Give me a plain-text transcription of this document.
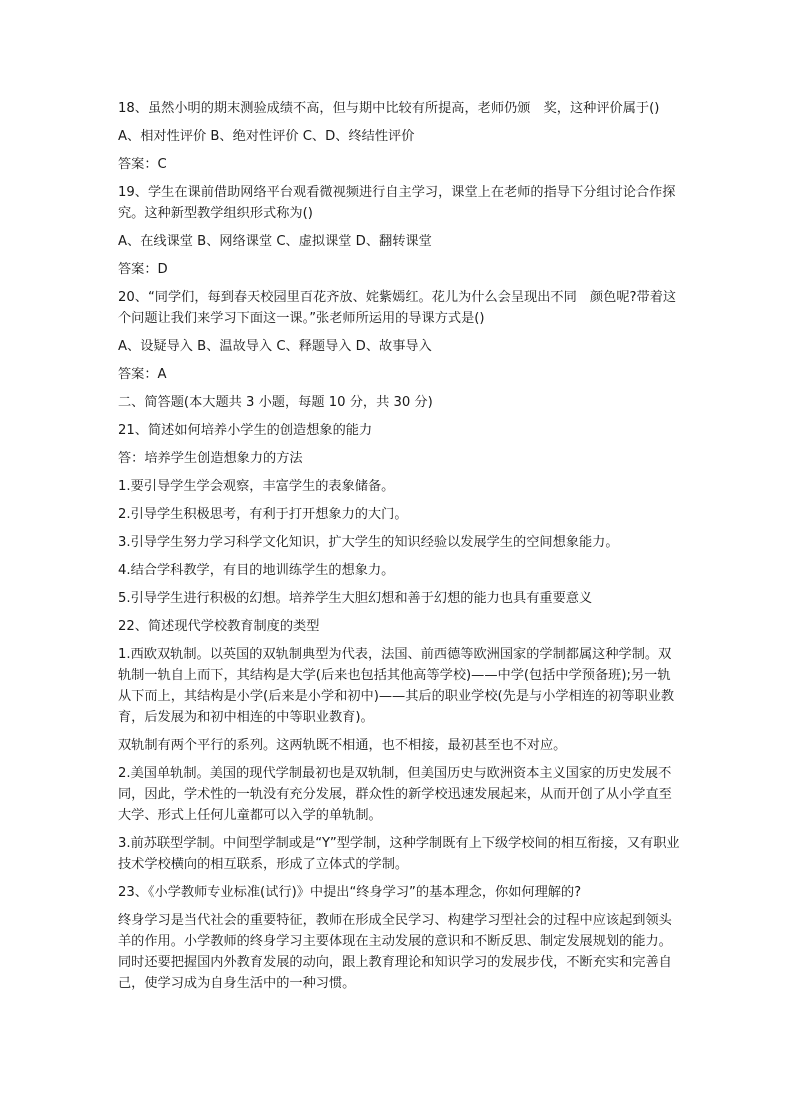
18、虽然小明的期末测验成绩不高，但与期中比较有所提高，老师仍颁　奖，这种评价属于()

A、相对性评价 B、绝对性评价 C、D、终结性评价

答案：C

19、学生在课前借助网络平台观看微视频进行自主学习，课堂上在老师的指导下分组讨论合作探究。这种新型教学组织形式称为()

A、在线课堂 B、网络课堂 C、虚拟课堂 D、翻转课堂

答案：D

20、“同学们，每到春天校园里百花齐放、姹紫嫣红。花儿为什么会呈现出不同　颜色呢?带着这个问题让我们来学习下面这一课。”张老师所运用的导课方式是()

A、设疑导入 B、温故导入 C、释题导入 D、故事导入

答案：A

二、简答题(本大题共 3 小题，每题 10 分，共 30 分)

21、简述如何培养小学生的创造想象的能力

答：培养学生创造想象力的方法

1.要引导学生学会观察，丰富学生的表象储备。

2.引导学生积极思考，有利于打开想象力的大门。

3.引导学生努力学习科学文化知识，扩大学生的知识经验以发展学生的空间想象能力。

4.结合学科教学，有目的地训练学生的想象力。

5.引导学生进行积极的幻想。培养学生大胆幻想和善于幻想的能力也具有重要意义

22、简述现代学校教育制度的类型

1.西欧双轨制。以英国的双轨制典型为代表，法国、前西德等欧洲国家的学制都属这种学制。双轨制一轨自上而下，其结构是大学(后来也包括其他高等学校)——中学(包括中学预备班);另一轨从下而上，其结构是小学(后来是小学和初中)——其后的职业学校(先是与小学相连的初等职业教育，后发展为和初中相连的中等职业教育)。

双轨制有两个平行的系列。这两轨既不相通，也不相接，最初甚至也不对应。

2.美国单轨制。美国的现代学制最初也是双轨制，但美国历史与欧洲资本主义国家的历史发展不同，因此，学术性的一轨没有充分发展，群众性的新学校迅速发展起来，从而开创了从小学直至大学、形式上任何儿童都可以入学的单轨制。

3.前苏联型学制。中间型学制或是“Y”型学制，这种学制既有上下级学校间的相互衔接，又有职业技术学校横向的相互联系，形成了立体式的学制。

23、《小学教师专业标准(试行)》中提出“终身学习”的基本理念，你如何理解的?

终身学习是当代社会的重要特征，教师在形成全民学习、构建学习型社会的过程中应该起到领头羊的作用。小学教师的终身学习主要体现在主动发展的意识和不断反思、制定发展规划的能力。同时还要把握国内外教育发展的动向，跟上教育理论和知识学习的发展步伐，不断充实和完善自己，使学习成为自身生活中的一种习惯。
